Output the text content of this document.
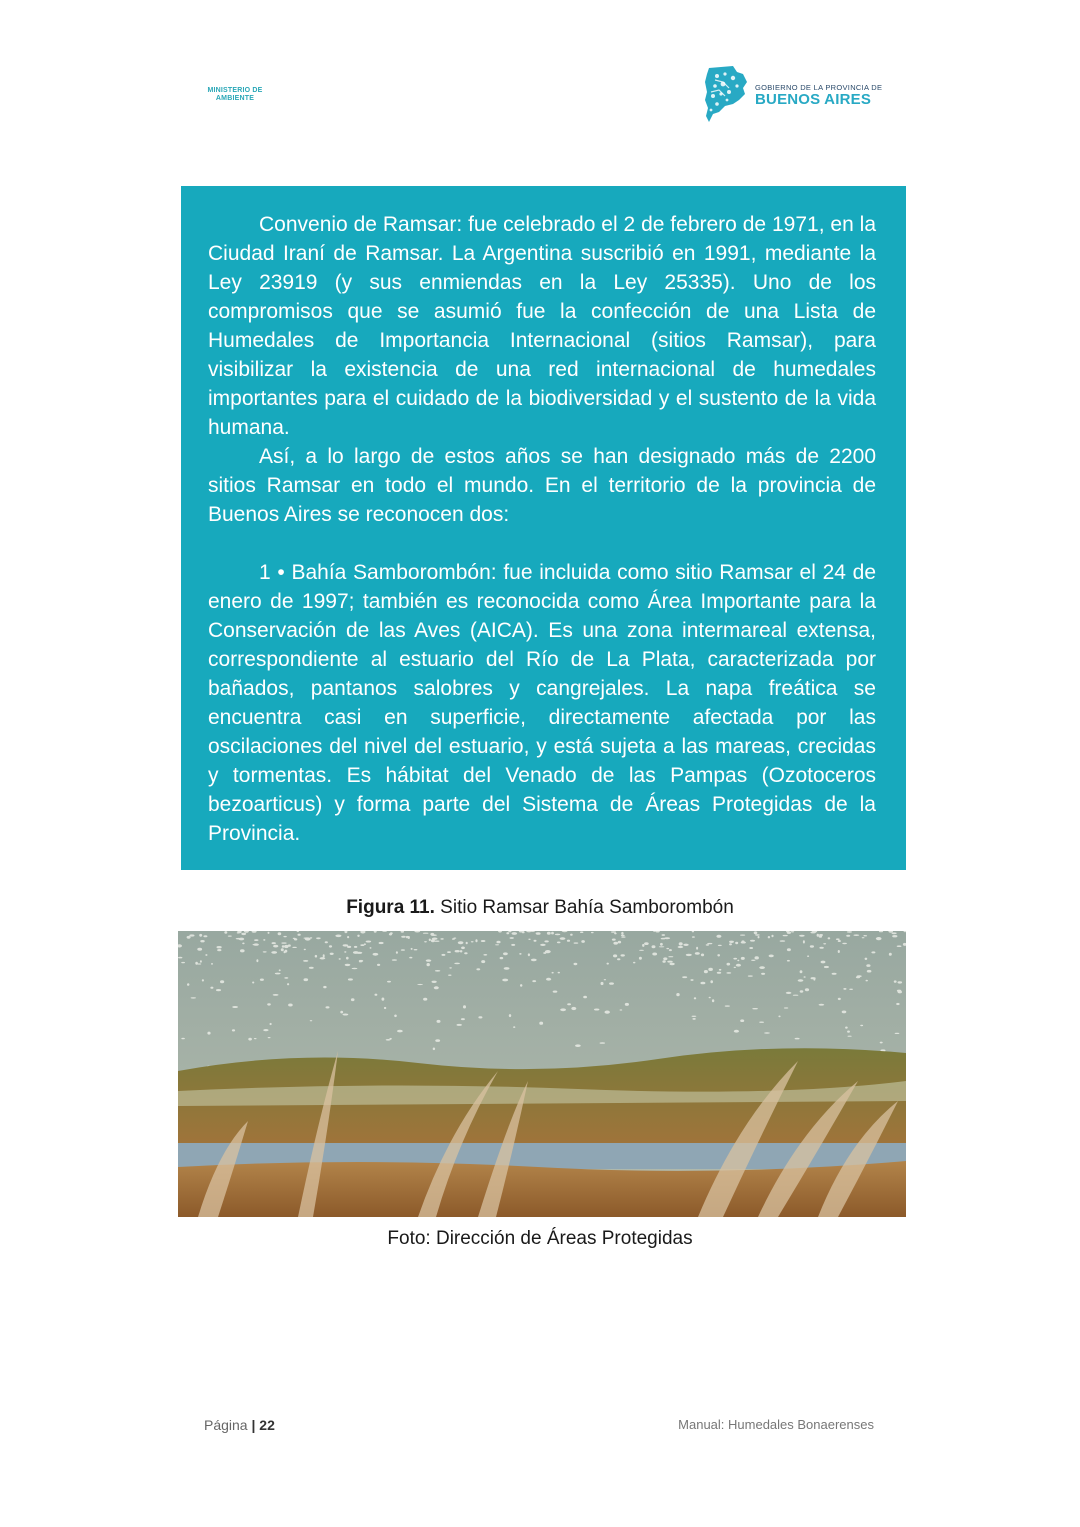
MINISTERIO DE
AMBIENTE
GOBIERNO DE LA PROVINCIA DE
BUENOS AIRES

Convenio de Ramsar: fue celebrado el 2 de febrero de 1971, en la Ciudad Iraní de Ramsar. La Argentina suscribió en 1991, mediante la Ley 23919 (y sus enmiendas en la Ley 25335). Uno de los compromisos que se asumió fue la confección de una Lista de Humedales de Importancia Internacional (sitios Ramsar), para visibilizar la existencia de una red internacional de humedales importantes para el cuidado de la biodiversidad y el sustento de la vida humana.

Así, a lo largo de estos años se han designado más de 2200 sitios Ramsar en todo el mundo. En el territorio de la provincia de Buenos Aires se reconocen dos:

1 • Bahía Samborombón: fue incluida como sitio Ramsar el 24 de enero de 1997; también es reconocida como Área Importante para la Conservación de las Aves (AICA). Es una zona intermareal extensa, correspondiente al estuario del Río de La Plata, caracterizada por bañados, pantanos salobres y cangrejales. La napa freática se encuentra casi en superficie, directamente afectada por las oscilaciones del nivel del estuario, y está sujeta a las mareas, crecidas y tormentas. Es hábitat del Venado de las Pampas (Ozotoceros bezoarticus) y forma parte del Sistema de Áreas Protegidas de la Provincia.

Figura 11. Sitio Ramsar Bahía Samborombón
Foto: Dirección de Áreas Protegidas
Página | 22	Manual: Humedales Bonaerenses
